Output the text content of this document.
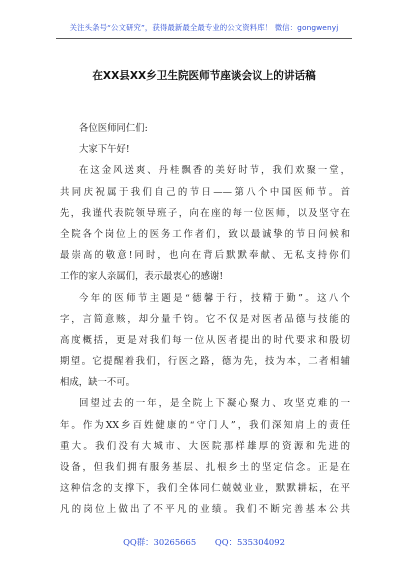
关注头条号“公文研究”，获得最新最全最专业的公文资料库！ 微信：gongwenyj
在XX县XX乡卫生院医师节座谈会议上的讲话稿
各位医师同仁们:
大家下午好!
在这金风送爽、丹桂飘香的美好时节，我们欢聚一堂，
共同庆祝属于我们自己的节日——第八个中国医师节。首
先，我谨代表院领导班子，向在座的每一位医师，以及坚守在
全院各个岗位上的医务工作者们，致以最诚挚的节日问候和
最崇高的敬意!同时，也向在背后默默奉献、无私支持你们
工作的家人亲属们，表示最衷心的感谢!
今年的医师节主题是“德馨于行，技精于勤”。这八个
字，言简意赅，却分量千钧。它不仅是对医者品德与技能的
高度概括，更是对我们每一位从医者提出的时代要求和殷切
期望。它提醒着我们，行医之路，德为先，技为本，二者相辅
相成，缺一不可。
回望过去的一年，是全院上下凝心聚力、攻坚克难的一
年。作为XX乡百姓健康的“守门人”，我们深知肩上的责任
重大。我们没有大城市、大医院那样雄厚的资源和先进的
设备，但我们拥有服务基层、扎根乡土的坚定信念。正是在
这种信念的支撑下，我们全体同仁兢兢业业，默默耕耘，在平
凡的岗位上做出了不平凡的业绩。我们不断完善基本公共
QQ群：30265665 QQ：535304092
